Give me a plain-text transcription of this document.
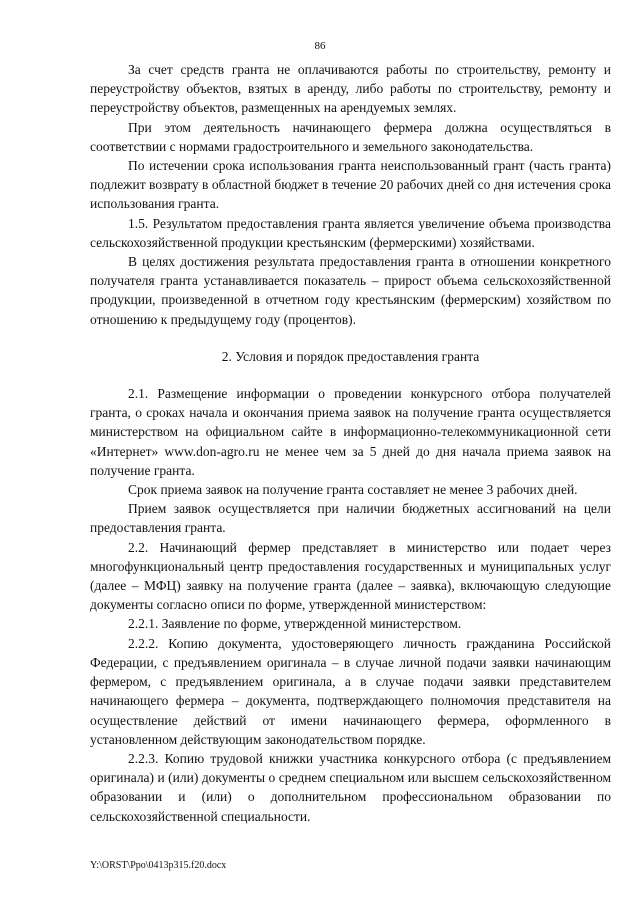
86

За счет средств гранта не оплачиваются работы по строительству, ремонту и переустройству объектов, взятых в аренду, либо работы по строительству, ремонту и переустройству объектов, размещенных на арендуемых землях.

При этом деятельность начинающего фермера должна осуществляться в соответствии с нормами градостроительного и земельного законодательства.

По истечении срока использования гранта неиспользованный грант (часть гранта) подлежит возврату в областной бюджет в течение 20 рабочих дней со дня истечения срока использования гранта.

1.5. Результатом предоставления гранта является увеличение объема производства сельскохозяйственной продукции крестьянским (фермерскими) хозяйствами.

В целях достижения результата предоставления гранта в отношении конкретного получателя гранта устанавливается показатель – прирост объема сельскохозяйственной продукции, произведенной в отчетном году крестьянским (фермерским) хозяйством по отношению к предыдущему году (процентов).

2. Условия и порядок предоставления гранта

2.1. Размещение информации о проведении конкурсного отбора получателей гранта, о сроках начала и окончания приема заявок на получение гранта осуществляется министерством на официальном сайте в информационно-телекоммуникационной сети «Интернет» www.don-agro.ru не менее чем за 5 дней до дня начала приема заявок на получение гранта.

Срок приема заявок на получение гранта составляет не менее 3 рабочих дней.

Прием заявок осуществляется при наличии бюджетных ассигнований на цели предоставления гранта.

2.2. Начинающий фермер представляет в министерство или подает через многофункциональный центр предоставления государственных и муниципальных услуг (далее – МФЦ) заявку на получение гранта (далее – заявка), включающую следующие документы согласно описи по форме, утвержденной министерством:

2.2.1. Заявление по форме, утвержденной министерством.

2.2.2. Копию документа, удостоверяющего личность гражданина Российской Федерации, с предъявлением оригинала – в случае личной подачи заявки начинающим фермером, с предъявлением оригинала, а в случае подачи заявки представителем начинающего фермера – документа, подтверждающего полномочия представителя на осуществление действий от имени начинающего фермера, оформленного в установленном действующим законодательством порядке.

2.2.3. Копию трудовой книжки участника конкурсного отбора (с предъявлением оригинала) и (или) документы о среднем специальном или высшем сельскохозяйственном образовании и (или) о дополнительном профессиональном образовании по сельскохозяйственной специальности.

Y:\ORST\Ppo\0413p315.f20.docx
